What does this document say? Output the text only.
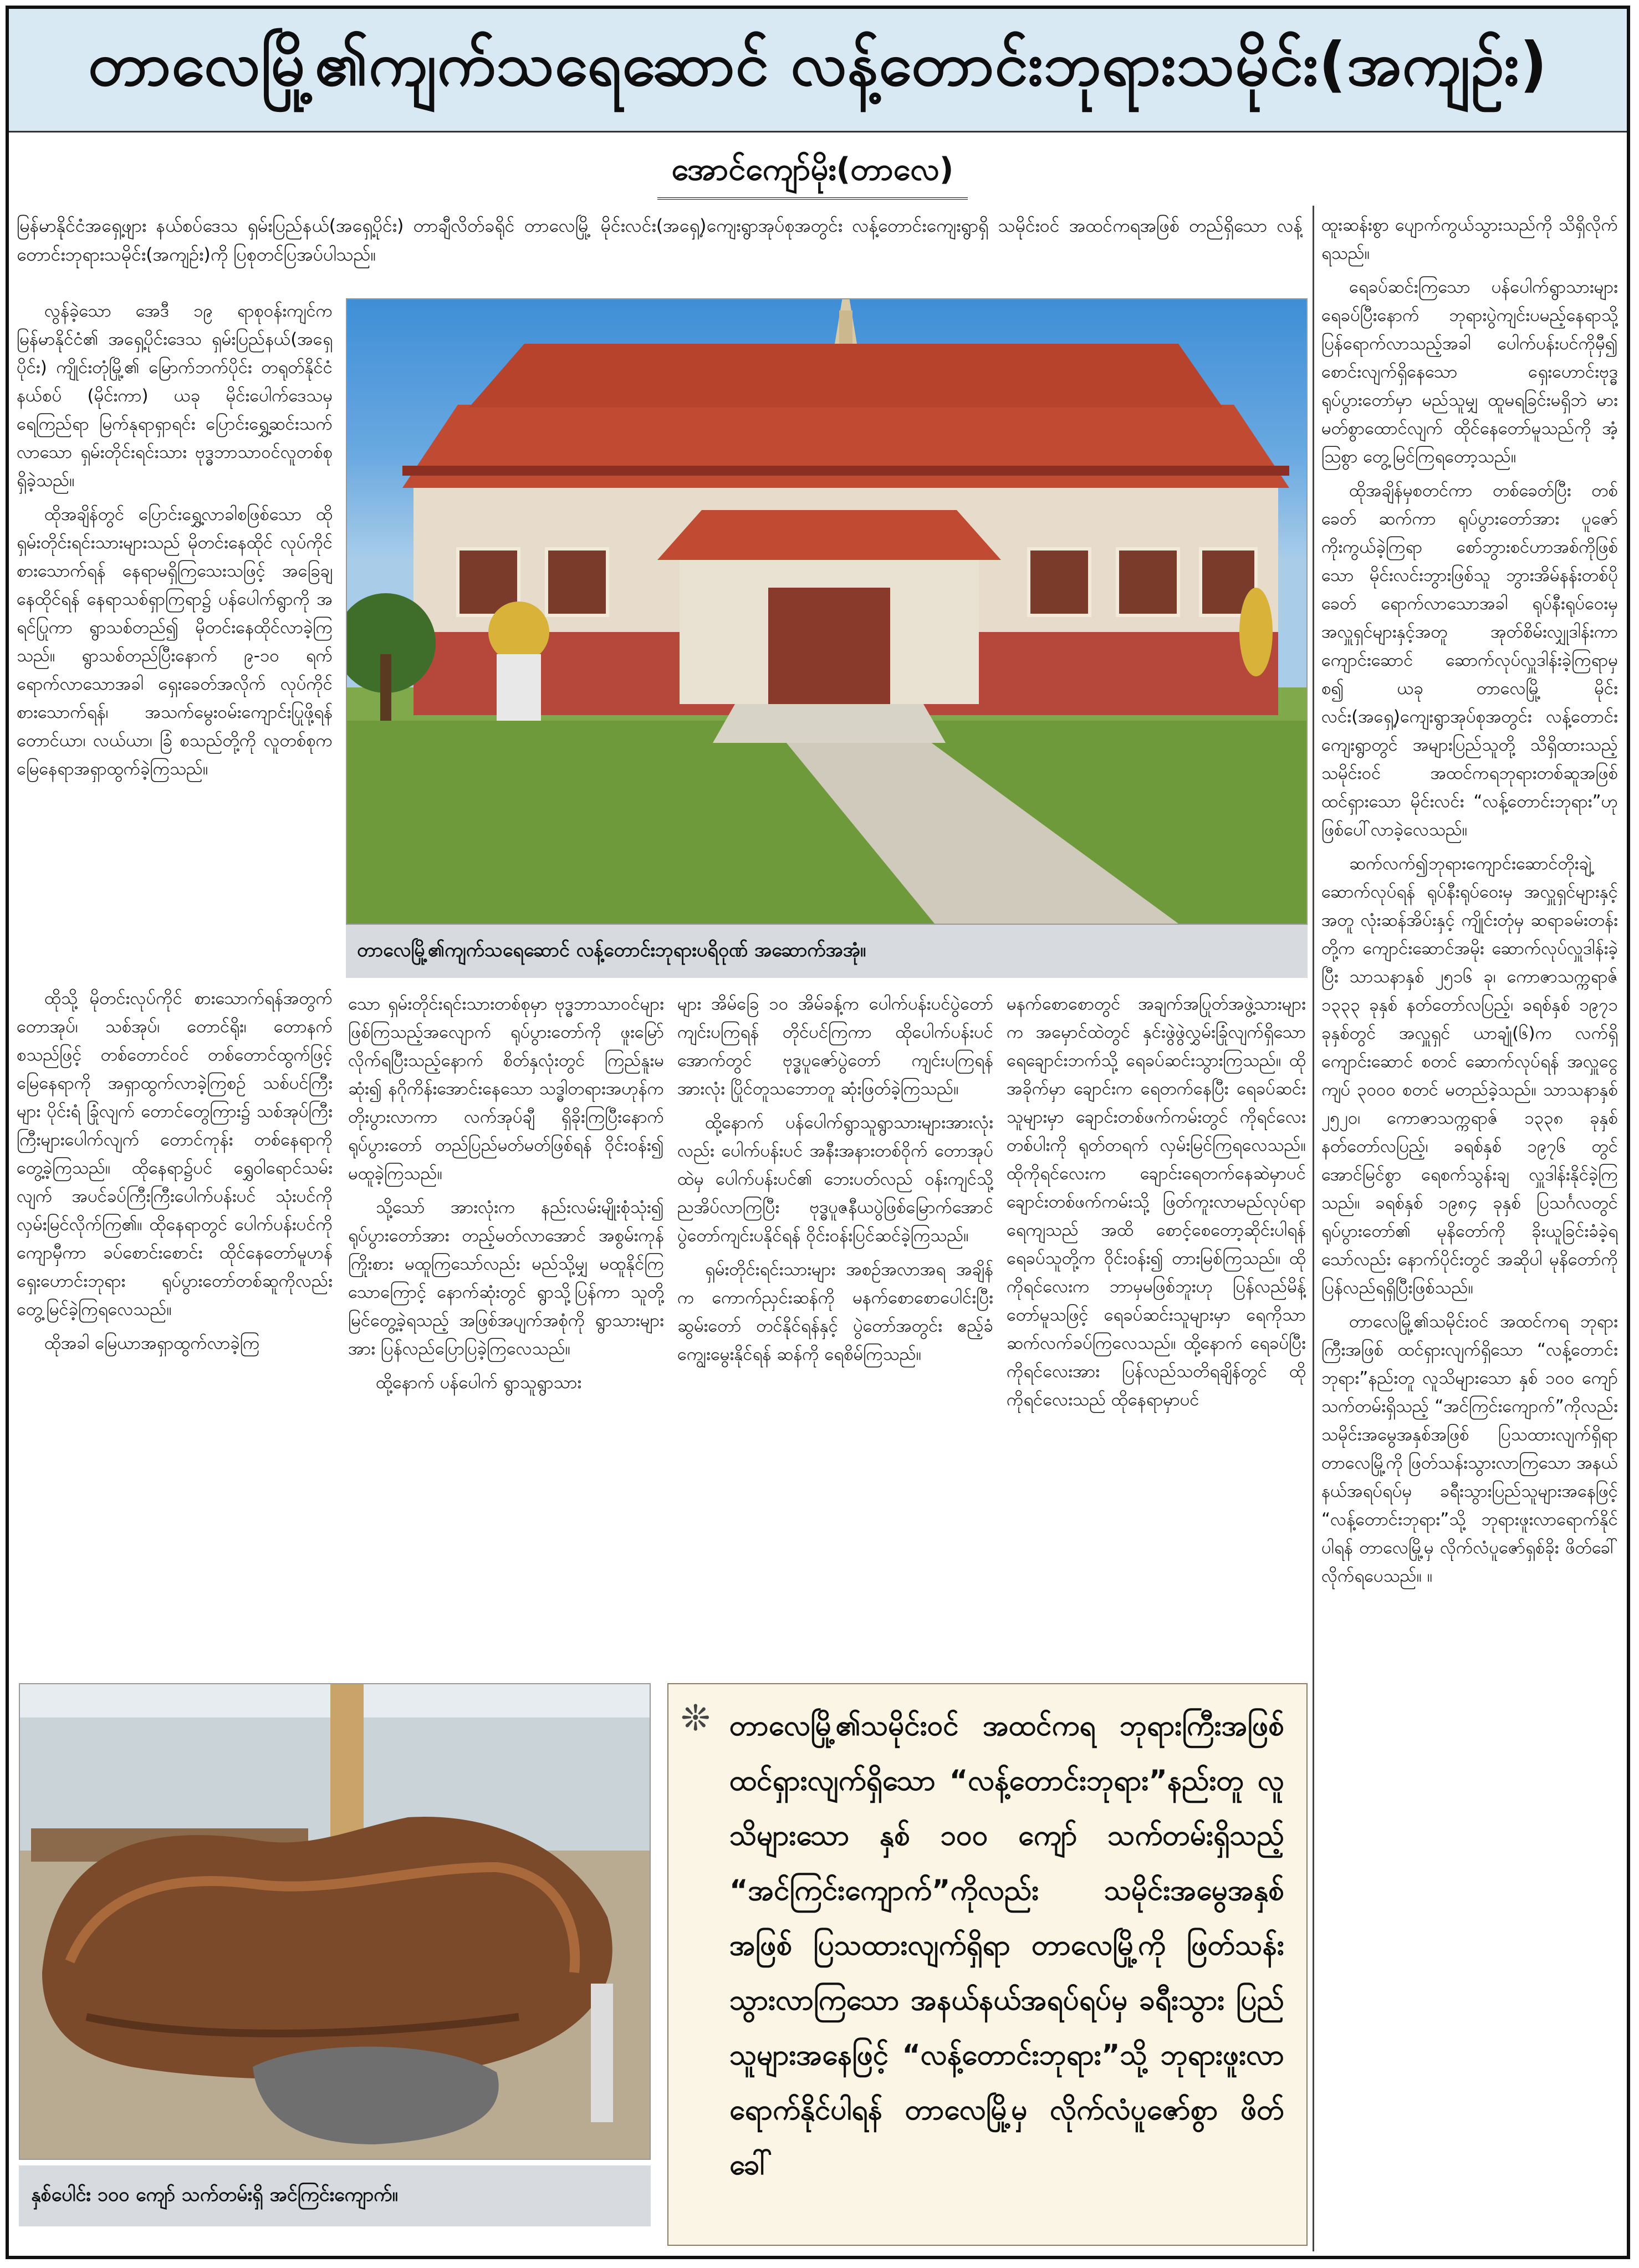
တာလေမြို့၏ကျက်သရေဆောင် လန့်တောင်းဘုရားသမိုင်း(အကျဉ်း)
အောင်ကျော်မိုး(တာလေ)

မြန်မာနိုင်ငံအရှေ့ဖျား နယ်စပ်ဒေသ ရှမ်းပြည်နယ်(အရှေ့ပိုင်း) တာချီလိတ်ခရိုင် တာလေမြို့ မိုင်းလင်း(အရှေ့)ကျေးရွာအုပ်စုအတွင်း လန့်တောင်းကျေးရွာရှိ သမိုင်းဝင် အထင်ကရအဖြစ် တည်ရှိသော လန့်တောင်းဘုရားသမိုင်း(အကျဉ်း)ကို ပြစုတင်ပြအပ်ပါသည်။

လွန်ခဲ့သော အေဒီ ၁၉ ရာစုဝန်းကျင်က မြန်မာနိုင်ငံ၏ အရှေ့ပိုင်းဒေသ ရှမ်းပြည်နယ်(အရှေ့ပိုင်း) ကျိုင်းတုံမြို့၏ မြောက်ဘက်ပိုင်း တရုတ်နိုင်ငံနယ်စပ် (မိုင်းကာ) ယခု မိုင်းပေါက်ဒေသမှ ရေကြည်ရာ မြက်နုရာရှာရင်း ပြောင်းရွှေ့ဆင်းသက်လာသော ရှမ်းတိုင်းရင်းသား ဗုဒ္ဓဘာသာဝင်လူတစ်စု ရှိခဲ့သည်။

ထိုအချိန်တွင် ပြောင်းရွှေ့လာခါစဖြစ်သော ထိုရှမ်းတိုင်းရင်းသားများသည် မိုတင်းနေထိုင် လုပ်ကိုင်စားသောက်ရန် နေရာမရှိကြသေးသဖြင့် အခြေချနေထိုင်ရန် နေရာသစ်ရှာကြရာ၌ ပန်ပေါက်ရွာကို အရင်ပြုကာ ရွာသစ်တည်၍ မိုတင်းနေထိုင်လာခဲ့ကြသည်။ ရွာသစ်တည်ပြီးနောက် ၉-၁၀ ရက် ရောက်လာသောအခါ ရှေးခေတ်အလိုက် လုပ်ကိုင်စားသောက်ရန်၊ အသက်မွေးဝမ်းကျောင်းပြုဖို့ရန် တောင်ယာ၊ လယ်ယာ၊ ခြံ စသည်တို့ကို လူတစ်စုက မြေနေရာအရှာထွက်ခဲ့ကြသည်။

တာလေမြို့၏ကျက်သရေဆောင် လန့်တောင်းဘုရားပရိဝုဏ် အဆောက်အအုံ။

ထိုသို့ မိုတင်းလုပ်ကိုင် စားသောက်ရန်အတွက် တောအုပ်၊ သစ်အုပ်၊ တောင်ရိုး၊ တောနက် စသည်ဖြင့် တစ်တောင်ဝင် တစ်တောင်ထွက်ဖြင့် မြေနေရာကို အရှာထွက်လာခဲ့ကြစဉ် သစ်ပင်ကြီးများ ပိုင်းရံ ခြုံလျက် တောင်တွေကြား၌ သစ်အုပ်ကြီးကြီးများပေါက်လျက် တောင်ကုန်း တစ်နေရာကို တွေ့ခဲ့ကြသည်။ ထိုနေရာ၌ပင် ရွှေဝါရောင်သမ်းလျက် အပင်ခပ်ကြီးကြီးပေါက်ပန်းပင် သုံးပင်ကို လှမ်းမြင်လိုက်ကြ၏။ ထိုနေရာတွင် ပေါက်ပန်းပင်ကို ကျောမှီကာ ခပ်စောင်းစောင်း ထိုင်နေတော်မူဟန် ရှေးဟောင်းဘုရား ရုပ်ပွားတော်တစ်ဆူကိုလည်း တွေ့မြင်ခဲ့ကြရလေသည်။

ထိုအခါ မြေယာအရှာထွက်လာခဲ့ကြ

သော ရှမ်းတိုင်းရင်းသားတစ်စုမှာ ဗုဒ္ဓဘာသာဝင်များဖြစ်ကြသည့်အလျောက် ရုပ်ပွားတော်ကို ဖူးမြော်လိုက်ရပြီးသည့်နောက် စိတ်နှလုံးတွင် ကြည်နူးမဆုံး၍ နဂိုကိန်းအောင်းနေသော သဒ္ဓါတရားအဟုန်က တိုးပွားလာကာ လက်အုပ်ချီ ရှိခိုးကြပြီးနောက် ရုပ်ပွားတော် တည်ပြည်မတ်မတ်ဖြစ်ရန် ဝိုင်းဝန်း၍ မထူခဲ့ကြသည်။

သို့သော် အားလုံးက နည်းလမ်းမျိုးစုံသုံး၍ ရုပ်ပွားတော်အား တည့်မတ်လာအောင် အစွမ်းကုန်ကြိုးစား မထူကြသော်လည်း မည်သို့မျှ မထူနိုင်ကြသောကြောင့် နောက်ဆုံးတွင် ရွာသို့ပြန်ကာ သူတို့မြင်တွေ့ခဲ့ရသည့် အဖြစ်အပျက်အစုံကို ရွာသားများအား ပြန်လည်ပြောပြခဲ့ကြလေသည်။

ထို့နောက် ပန်ပေါက် ရွာသူရွာသား

များ အိမ်ခြေ ၁၀ အိမ်ခန့်က ပေါက်ပန်းပင်ပွဲတော် ကျင်းပကြရန် တိုင်ပင်ကြကာ ထိုပေါက်ပန်းပင်အောက်တွင် ဗုဒ္ဓပူဇော်ပွဲတော် ကျင်းပကြရန် အားလုံး ပြိုင်တူသဘောတူ ဆုံးဖြတ်ခဲ့ကြသည်။

ထို့နောက် ပန်ပေါက်ရွာသူရွာသားများအားလုံးလည်း ပေါက်ပန်းပင် အနီးအနားတစ်ဝိုက် တောအုပ်ထဲမှ ပေါက်ပန်းပင်၏ ဘေးပတ်လည် ဝန်းကျင်သို့ ညအိပ်လာကြပြီး ဗုဒ္ဓပူဇနီယပွဲဖြစ်မြောက်အောင် ပွဲတော်ကျင်းပနိုင်ရန် ဝိုင်းဝန်းပြင်ဆင်ခဲ့ကြသည်။

ရှမ်းတိုင်းရင်းသားများ အစဉ်အလာအရ အချိန်က ကောက်ညှင်းဆန်ကို မနက်စောစောပေါင်းပြီး ဆွမ်းတော် တင်နိုင်ရန်နှင့် ပွဲတော်အတွင်း ဧည့်ခံကျွေးမွေးနိုင်ရန် ဆန်ကို ရေစိမ်ကြသည်။

မနက်စောစောတွင် အချက်အပြုတ်အဖွဲ့သားများက အမှောင်ထဲတွင် နှင်းဖွဲဖွဲလွှမ်းခြုံလျက်ရှိသော ရေချောင်းဘက်သို့ ရေခပ်ဆင်းသွားကြသည်။ ထိုအခိုက်မှာ ချောင်းက ရေတက်နေပြီး ရေခပ်ဆင်းသူများမှာ ချောင်းတစ်ဖက်ကမ်းတွင် ကိုရင်လေးတစ်ပါးကို ရုတ်တရက် လှမ်းမြင်ကြရလေသည်။ ထိုကိုရင်လေးက ချောင်းရေတက်နေဆဲမှာပင် ချောင်းတစ်ဖက်ကမ်းသို့ ဖြတ်ကူးလာမည်လုပ်ရာ ရေကျသည် အထိ စောင့်စေတော့ဆိုင်းပါရန် ရေခပ်သူတို့က ဝိုင်းဝန်း၍ တားမြစ်ကြသည်။ ထိုကိုရင်လေးက ဘာမှမဖြစ်ဘူးဟု ပြန်လည်မိန့်တော်မူသဖြင့် ရေခပ်ဆင်းသူများမှာ ရေကိုသာ ဆက်လက်ခပ်ကြလေသည်။ ထို့နောက် ရေခပ်ပြီး ကိုရင်လေးအား ပြန်လည်သတိရချိန်တွင် ထိုကိုရင်လေးသည် ထိုနေရာမှာပင်

ထူးဆန်းစွာ ပျောက်ကွယ်သွားသည်ကို သိရှိလိုက်ရသည်။

ရေခပ်ဆင်းကြသော ပန်ပေါက်ရွာသားများ ရေခပ်ပြီးနောက် ဘုရားပွဲကျင်းပမည့်နေရာသို့ ပြန်ရောက်လာသည့်အခါ ပေါက်ပန်းပင်ကိုမှီ၍ စောင်းလျက်ရှိနေသော ရှေးဟောင်းဗုဒ္ဓရုပ်ပွားတော်မှာ မည်သူမျှ ထူမရခြင်းမရှိဘဲ မားမတ်စွာထောင်လျက် ထိုင်နေတော်မူသည်ကို အံ့သြစွာ တွေ့မြင်ကြရတော့သည်။

ထိုအချိန်မှစတင်ကာ တစ်ခေတ်ပြီး တစ်ခေတ် ဆက်ကာ ရုပ်ပွားတော်အား ပူဇော်ကိုးကွယ်ခဲ့ကြရာ စော်ဘွားစင်ဟာအစ်ကိုဖြစ်သော မိုင်းလင်းဘွားဖြစ်သူ ဘွားအိမ်နန်းတစ်ပိုခေတ် ရောက်လာသောအခါ ရုပ်နီးရုပ်ဝေးမှ အလှူရှင်များနှင့်အတူ အုတ်စိမ်းလျှုဒါန်းကာ ကျောင်းဆောင် ဆောက်လုပ်လှူဒါန်းခဲ့ကြရာမှ စ၍ ယခု တာလေမြို့ မိုင်းလင်း(အရှေ့)ကျေးရွာအုပ်စုအတွင်း လန့်တောင်းကျေးရွာတွင် အများပြည်သူတို့ သိရှိထားသည့် သမိုင်းဝင် အထင်ကရဘုရားတစ်ဆူအဖြစ် ထင်ရှားသော မိုင်းလင်း “လန့်တောင်းဘုရား”ဟု ဖြစ်ပေါ်လာခဲ့လေသည်။

ဆက်လက်၍ဘုရားကျောင်းဆောင်တိုးချဲ့ဆောက်လုပ်ရန် ရုပ်နီးရုပ်ဝေးမှ အလှူရှင်များနှင့်အတူ လုံးဆန်အိပ်းနှင့် ကျိုင်းတုံမှ ဆရာခမ်းတန်းတို့က ကျောင်းဆောင်အမိုး ဆောက်လုပ်လှူဒါန်းခဲ့ပြီး သာသနာနှစ် ၂၅၁၆ ခု၊ ကောဇာသက္ကရာဇ် ၁၃၃၃ ခုနှစ် နတ်တော်လပြည့်၊ ခရစ်နှစ် ၁၉၇၁ ခုနှစ်တွင် အလှူရှင် ယာချုံ(၆)က လက်ရှိ ကျောင်းဆောင် စတင် ဆောက်လုပ်ရန် အလှူငွေ ကျပ် ၃၀၀၀ စတင် မတည်ခဲ့သည်။ သာသနာနှစ် ၂၅၂၀၊ ကောဇာသက္ကရာဇ် ၁၃၃၈ ခုနှစ် နတ်တော်လပြည့်၊ ခရစ်နှစ် ၁၉၇၆ တွင် အောင်မြင်စွာ ရေစက်သွန်းချ လှူဒါန်းနိုင်ခဲ့ကြသည်။ ခရစ်နှစ် ၁၉၈၄ ခုနှစ် ပြသင်္ဂလတွင် ရုပ်ပွားတော်၏ မုနိတော်ကို ခိုးယူခြင်းခံခဲ့ရသော်လည်း နောက်ပိုင်းတွင် အဆိုပါ မုနိတော်ကို ပြန်လည်ရရှိပြီးဖြစ်သည်။

တာလေမြို့၏သမိုင်းဝင် အထင်ကရ ဘုရားကြီးအဖြစ် ထင်ရှားလျက်ရှိသော “လန့်တောင်းဘုရား”နည်းတူ လူသိများသော နှစ် ၁၀၀ ကျော် သက်တမ်းရှိသည့် “အင်ကြင်းကျောက်”ကိုလည်း သမိုင်းအမွေအနှစ်အဖြစ် ပြသထားလျက်ရှိရာ တာလေမြို့ကို ဖြတ်သန်းသွားလာကြသော အနယ်နယ်အရပ်ရပ်မှ ခရီးသွားပြည်သူများအနေဖြင့် “လန့်တောင်းဘုရား”သို့ ဘုရားဖူးလာရောက်နိုင်ပါရန် တာလေမြို့မှ လိုက်လံပူဇော်ရှစ်ခိုး ဖိတ်ခေါ်လိုက်ရပေသည်။ ။

နှစ်ပေါင်း ၁၀၀ ကျော် သက်တမ်းရှိ အင်ကြင်းကျောက်။
❊ တာလေမြို့၏သမိုင်းဝင် အထင်ကရ ဘုရားကြီးအဖြစ် ထင်ရှားလျက်ရှိသော “လန့်တောင်းဘုရား”နည်းတူ လူသိများသော နှစ် ၁၀၀ ကျော် သက်တမ်းရှိသည့် “အင်ကြင်းကျောက်”ကိုလည်း သမိုင်းအမွေအနှစ်အဖြစ် ပြသထားလျက်ရှိရာ တာလေမြို့ကို ဖြတ်သန်းသွားလာကြသော အနယ်နယ်အရပ်ရပ်မှ ခရီးသွား ပြည်သူများအနေဖြင့် “လန့်တောင်းဘုရား”သို့ ဘုရားဖူးလာရောက်နိုင်ပါရန် တာလေမြို့မှ လိုက်လံပူဇော်စွာ ဖိတ်ခေါ်
